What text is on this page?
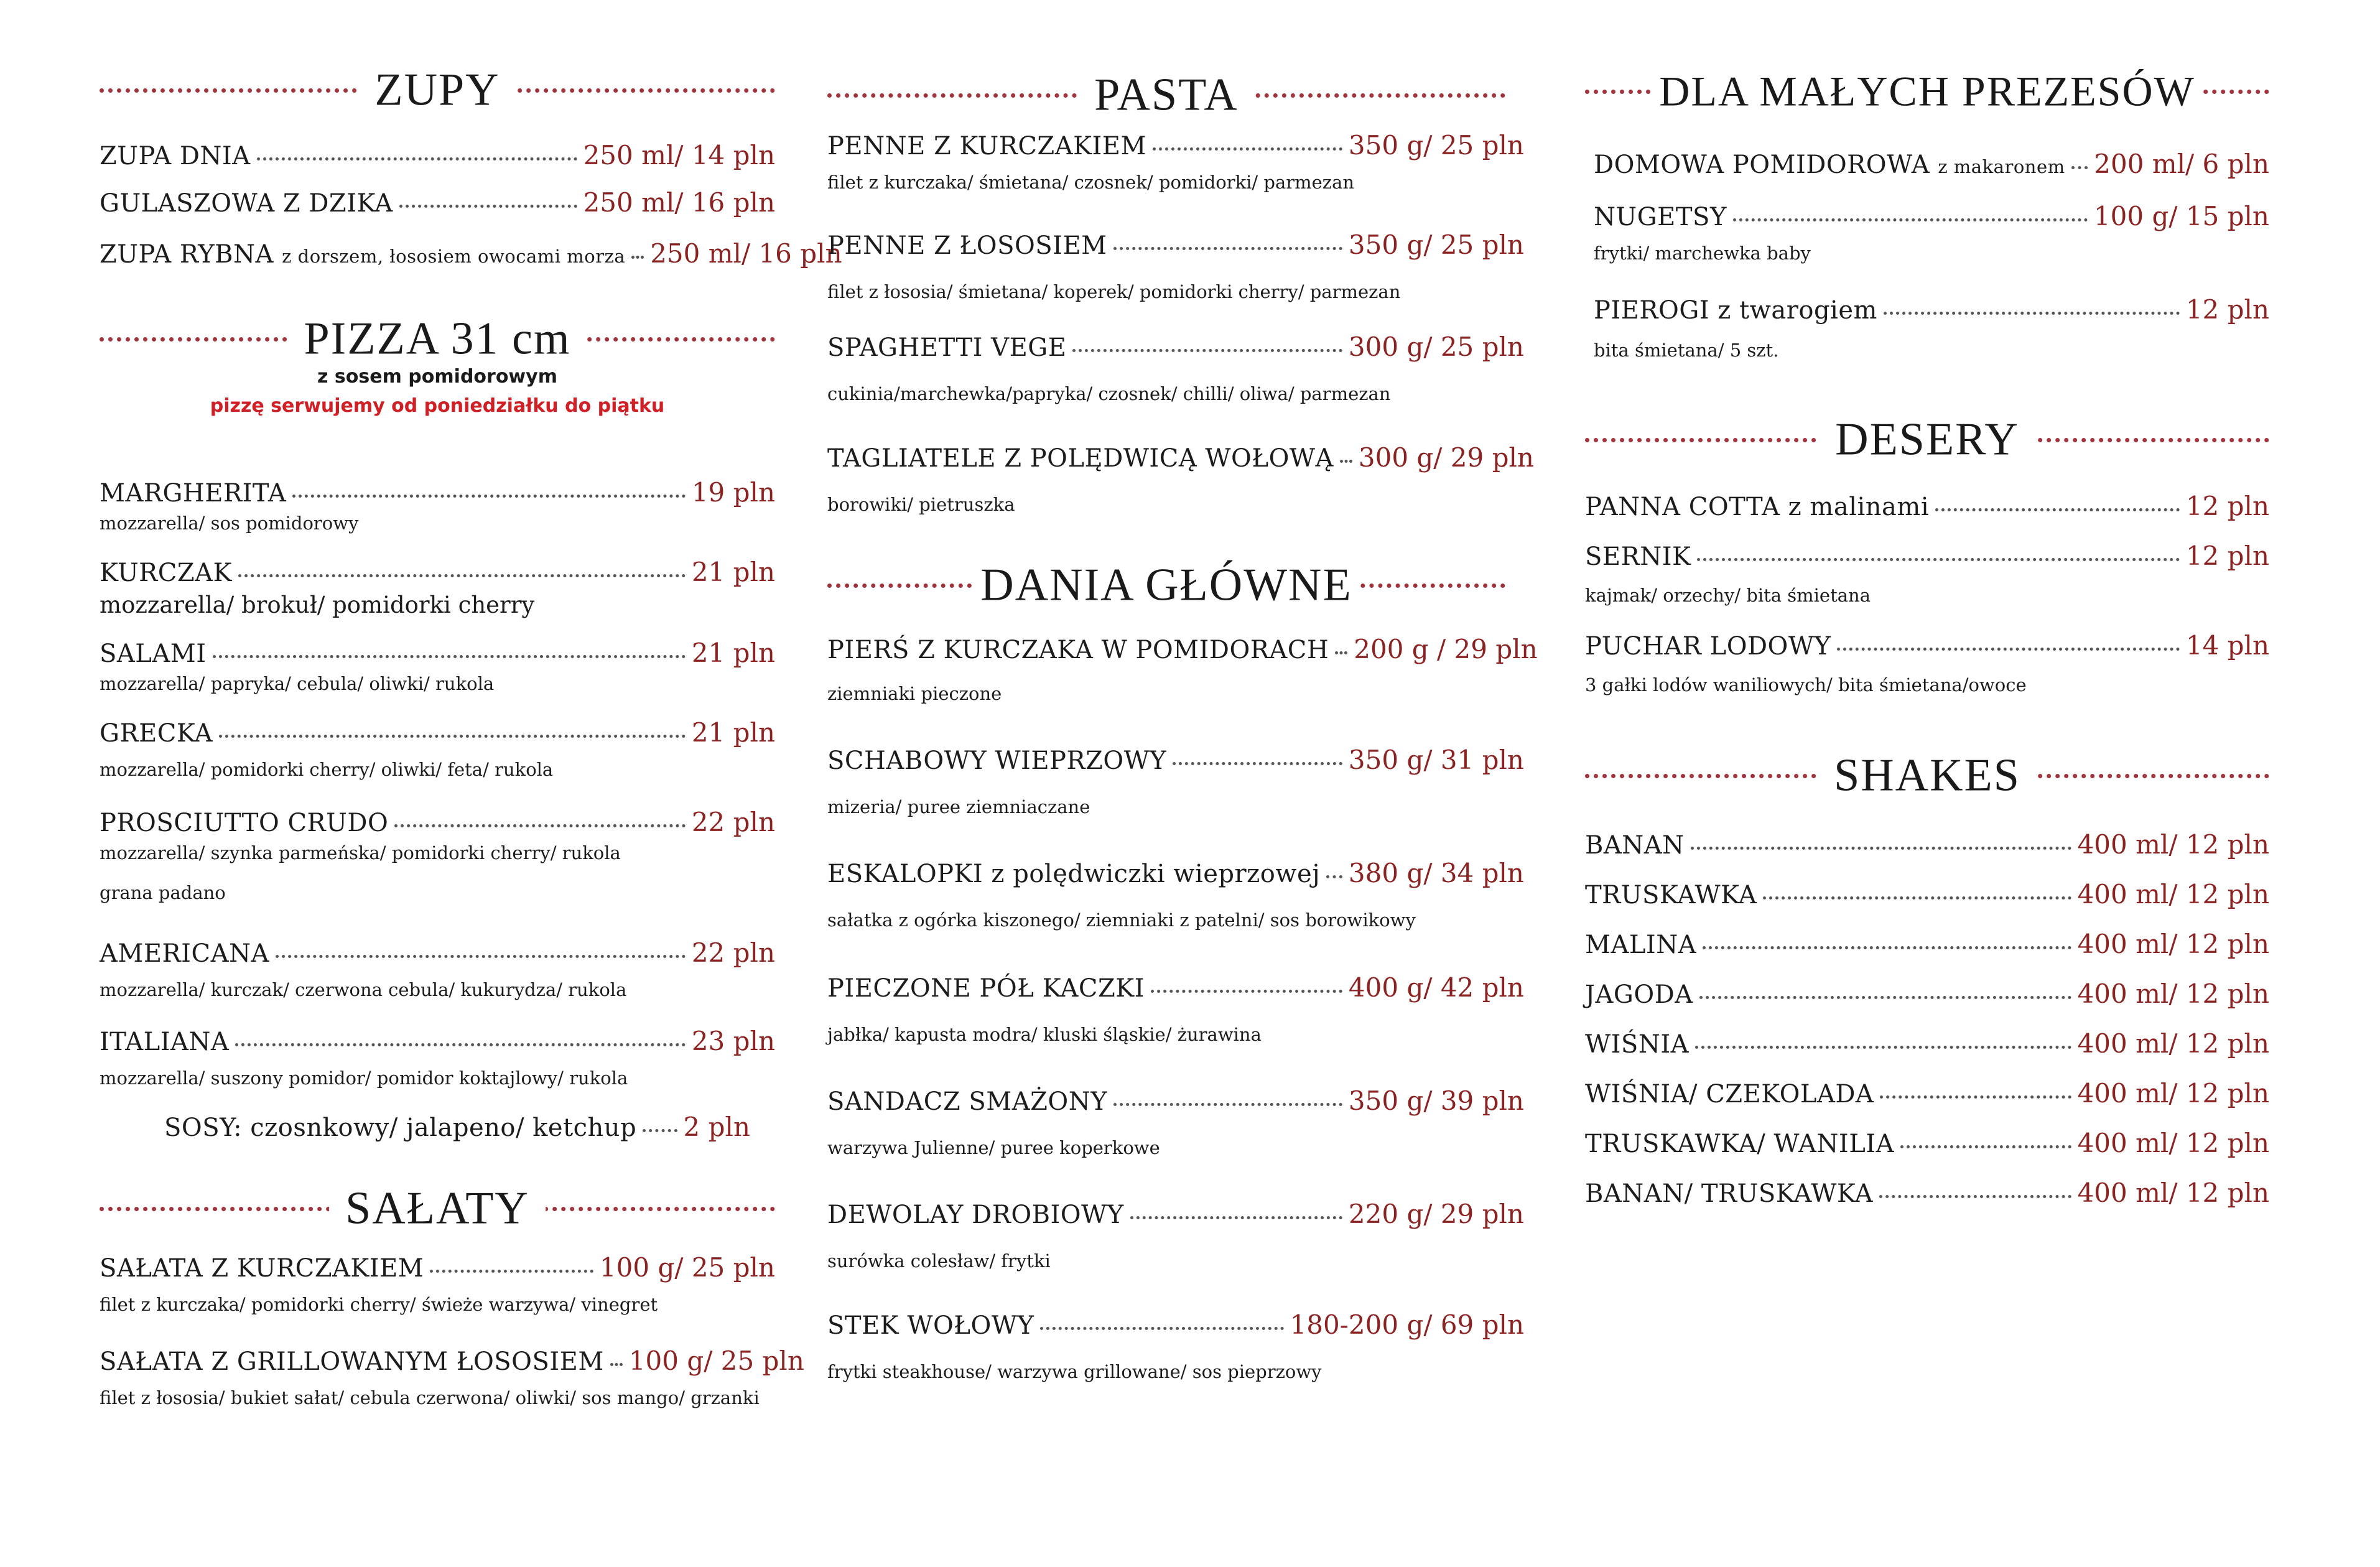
ZUPY
ZUPA DNIA	250 ml/ 14 pln
GULASZOWA Z DZIKA	250 ml/ 16 pln
ZUPA RYBNA z dorszem, łososiem owocami morza 250 ml/ 16 pln
PIZZA 31 cm
z sosem pomidorowym
pizzę serwujemy od poniedziałku do piątku
MARGHERITA	19 pln
mozzarella/ sos pomidorowy
KURCZAK	21 pln
mozzarella/ brokuł/ pomidorki cherry
SALAMI	21 pln
mozzarella/ papryka/ cebula/ oliwki/ rukola
GRECKA	21 pln
mozzarella/ pomidorki cherry/ oliwki/ feta/ rukola
PROSCIUTTO CRUDO	22 pln
mozzarella/ szynka parmeńska/ pomidorki cherry/ rukola
grana padano
AMERICANA	22 pln
mozzarella/ kurczak/ czerwona cebula/ kukurydza/ rukola
ITALIANA	23 pln
mozzarella/ suszony pomidor/ pomidor koktajlowy/ rukola
SOSY: czosnkowy/ jalapeno/ ketchup 2 pln
SAŁATY
SAŁATA Z KURCZAKIEM	100 g/ 25 pln
filet z kurczaka/ pomidorki cherry/ świeże warzywa/ vinegret
SAŁATA Z GRILLOWANYM ŁOSOSIEM 100 g/ 25 pln
filet z łososia/ bukiet sałat/ cebula czerwona/ oliwki/ sos mango/ grzanki
PASTA
PENNE Z KURCZAKIEM	350 g/ 25 pln
filet z kurczaka/ śmietana/ czosnek/ pomidorki/ parmezan
PENNE Z ŁOSOSIEM	350 g/ 25 pln
filet z łososia/ śmietana/ koperek/ pomidorki cherry/ parmezan
SPAGHETTI VEGE	300 g/ 25 pln
cukinia/marchewka/papryka/ czosnek/ chilli/ oliwa/ parmezan
TAGLIATELE Z POLĘDWICĄ WOŁOWĄ 300 g/ 29 pln
borowiki/ pietruszka
DANIA GŁÓWNE
PIERŚ Z KURCZAKA W POMIDORACH 200 g / 29 pln
ziemniaki pieczone
SCHABOWY WIEPRZOWY	350 g/ 31 pln
mizeria/ puree ziemniaczane
ESKALOPKI z polędwiczki wieprzowej 380 g/ 34 pln
sałatka z ogórka kiszonego/ ziemniaki z patelni/ sos borowikowy
PIECZONE PÓŁ KACZKI	400 g/ 42 pln
jabłka/ kapusta modra/ kluski śląskie/ żurawina
SANDACZ SMAŻONY	350 g/ 39 pln
warzywa Julienne/ puree koperkowe
DEWOLAY DROBIOWY	220 g/ 29 pln
surówka colesław/ frytki
STEK WOŁOWY	180-200 g/ 69 pln
frytki steakhouse/ warzywa grillowane/ sos pieprzowy
DLA MAŁYCH PREZESÓW
DOMOWA POMIDOROWA z makaronem 200 ml/ 6 pln
NUGETSY	100 g/ 15 pln
frytki/ marchewka baby
PIEROGI z twarogiem	12 pln
bita śmietana/ 5 szt.
DESERY
PANNA COTTA z malinami	12 pln
SERNIK	12 pln
kajmak/ orzechy/ bita śmietana
PUCHAR LODOWY	14 pln
3 gałki lodów waniliowych/ bita śmietana/owoce
SHAKES
BANAN	400 ml/ 12 pln
TRUSKAWKA	400 ml/ 12 pln
MALINA	400 ml/ 12 pln
JAGODA	400 ml/ 12 pln
WIŚNIA	400 ml/ 12 pln
WIŚNIA/ CZEKOLADA	400 ml/ 12 pln
TRUSKAWKA/ WANILIA	400 ml/ 12 pln
BANAN/ TRUSKAWKA	400 ml/ 12 pln
